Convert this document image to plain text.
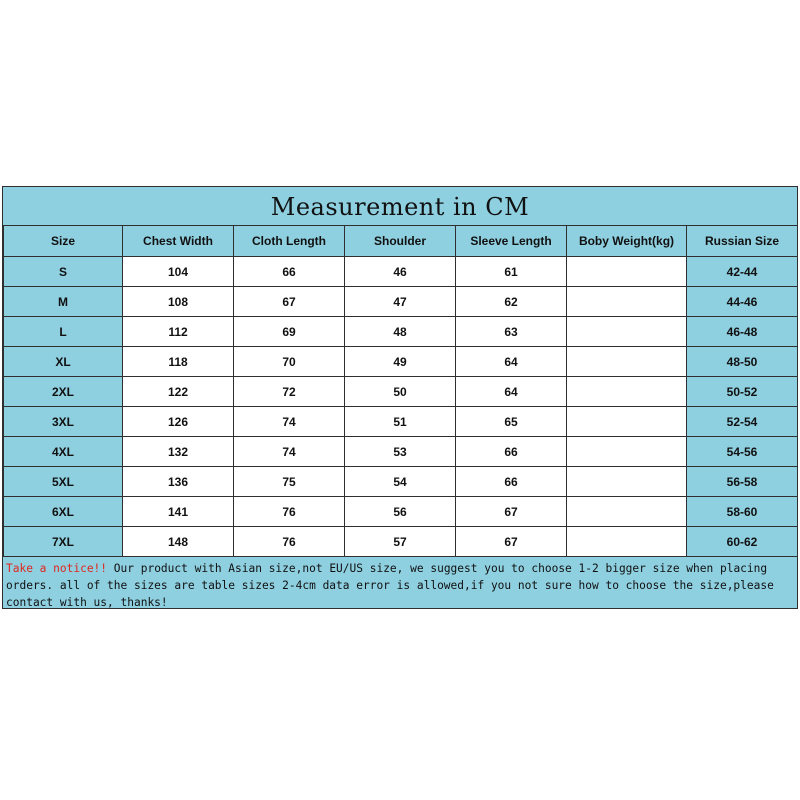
Measurement in CM
Size	Chest Width	Cloth Length	Shoulder	Sleeve Length	Boby Weight(kg)	Russian Size
S	104	66	46	61		42-44
M	108	67	47	62		44-46
L	112	69	48	63		46-48
XL	118	70	49	64		48-50
2XL	122	72	50	64		50-52
3XL	126	74	51	65		52-54
4XL	132	74	53	66		54-56
5XL	136	75	54	66		56-58
6XL	141	76	56	67		58-60
7XL	148	76	57	67		60-62
Take a notice!! Our product with Asian size,not EU/US size, we suggest you to choose 1-2 bigger size when placing orders. all of the sizes are table sizes 2-4cm data error is allowed,if you not sure how to choose the size,please contact with us, thanks!
